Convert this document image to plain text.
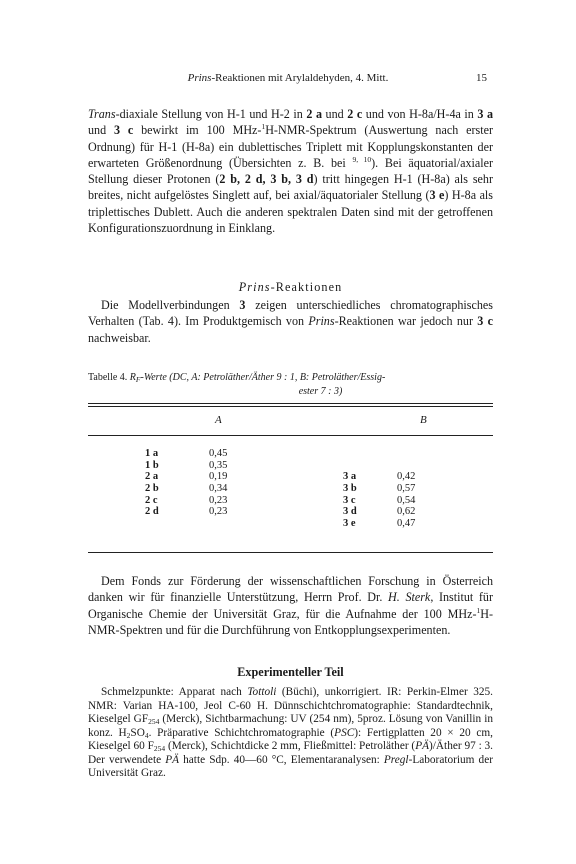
Prins-Reaktionen mit Arylaldehyden, 4. Mitt.	15

Trans-diaxiale Stellung von H-1 und H-2 in 2 a und 2 c und von H-8a/H-4a in 3 a und 3 c bewirkt im 100 MHz-$^1$H-NMR-Spektrum (Auswertung nach erster Ordnung) für H-1 (H-8a) ein dublettisches Triplett mit Kopplungskonstanten der erwarteten Größenordnung (Übersichten z. B. bei $^{9, 10}$). Bei äquatorial/axialer Stellung dieser Protonen (2 b, 2 d, 3 b, 3 d) tritt hingegen H-1 (H-8a) als sehr breites, nicht aufgelöstes Singlett auf, bei axial/äquatorialer Stellung (3 e) H-8a als triplettisches Dublett. Auch die anderen spektralen Daten sind mit der getroffenen Konfigurationszuordnung in Einklang.

Prins-Reaktionen

Die Modellverbindungen 3 zeigen unterschiedliches chromatographisches Verhalten (Tab. 4). Im Produktgemisch von Prins-Reaktionen war jedoch nur 3 c nachweisbar.

Tabelle 4. $R_F$-Werte (DC, A: Petroläther/Äther 9 : 1, B: Petroläther/Essig-
ester 7 : 3)
A	B
1 a	0,45
1 b	0,35
2 a	0,19	3 a	0,42
2 b	0,34	3 b	0,57
2 c	0,23	3 c	0,54
2 d	0,23	3 d	0,62
3 e	0,47

Dem Fonds zur Förderung der wissenschaftlichen Forschung in Österreich danken wir für finanzielle Unterstützung, Herrn Prof. Dr. H. Sterk, Institut für Organische Chemie der Universität Graz, für die Aufnahme der 100 MHz-$^1$H-NMR-Spektren und für die Durchführung von Entkopplungsexperimenten.

Experimenteller Teil

Schmelzpunkte: Apparat nach Tottoli (Büchi), unkorrigiert. IR: Perkin-Elmer 325. NMR: Varian HA-100, Jeol C-60 H. Dünnschichtchromatographie: Standardtechnik, Kieselgel $GF_{254}$ (Merck), Sichtbarmachung: UV (254 nm), 5proz. Lösung von Vanillin in konz. $H_2SO_4$. Präparative Schichtchromatographie (PSC): Fertigplatten 20 × 20 cm, Kieselgel 60 $F_{254}$ (Merck), Schichtdicke 2 mm, Fließmittel: Petroläther (PÄ)/Äther 97 : 3. Der verwendete PÄ hatte Sdp. 40—60 °C, Elementaranalysen: Pregl-Laboratorium der Universität Graz.
